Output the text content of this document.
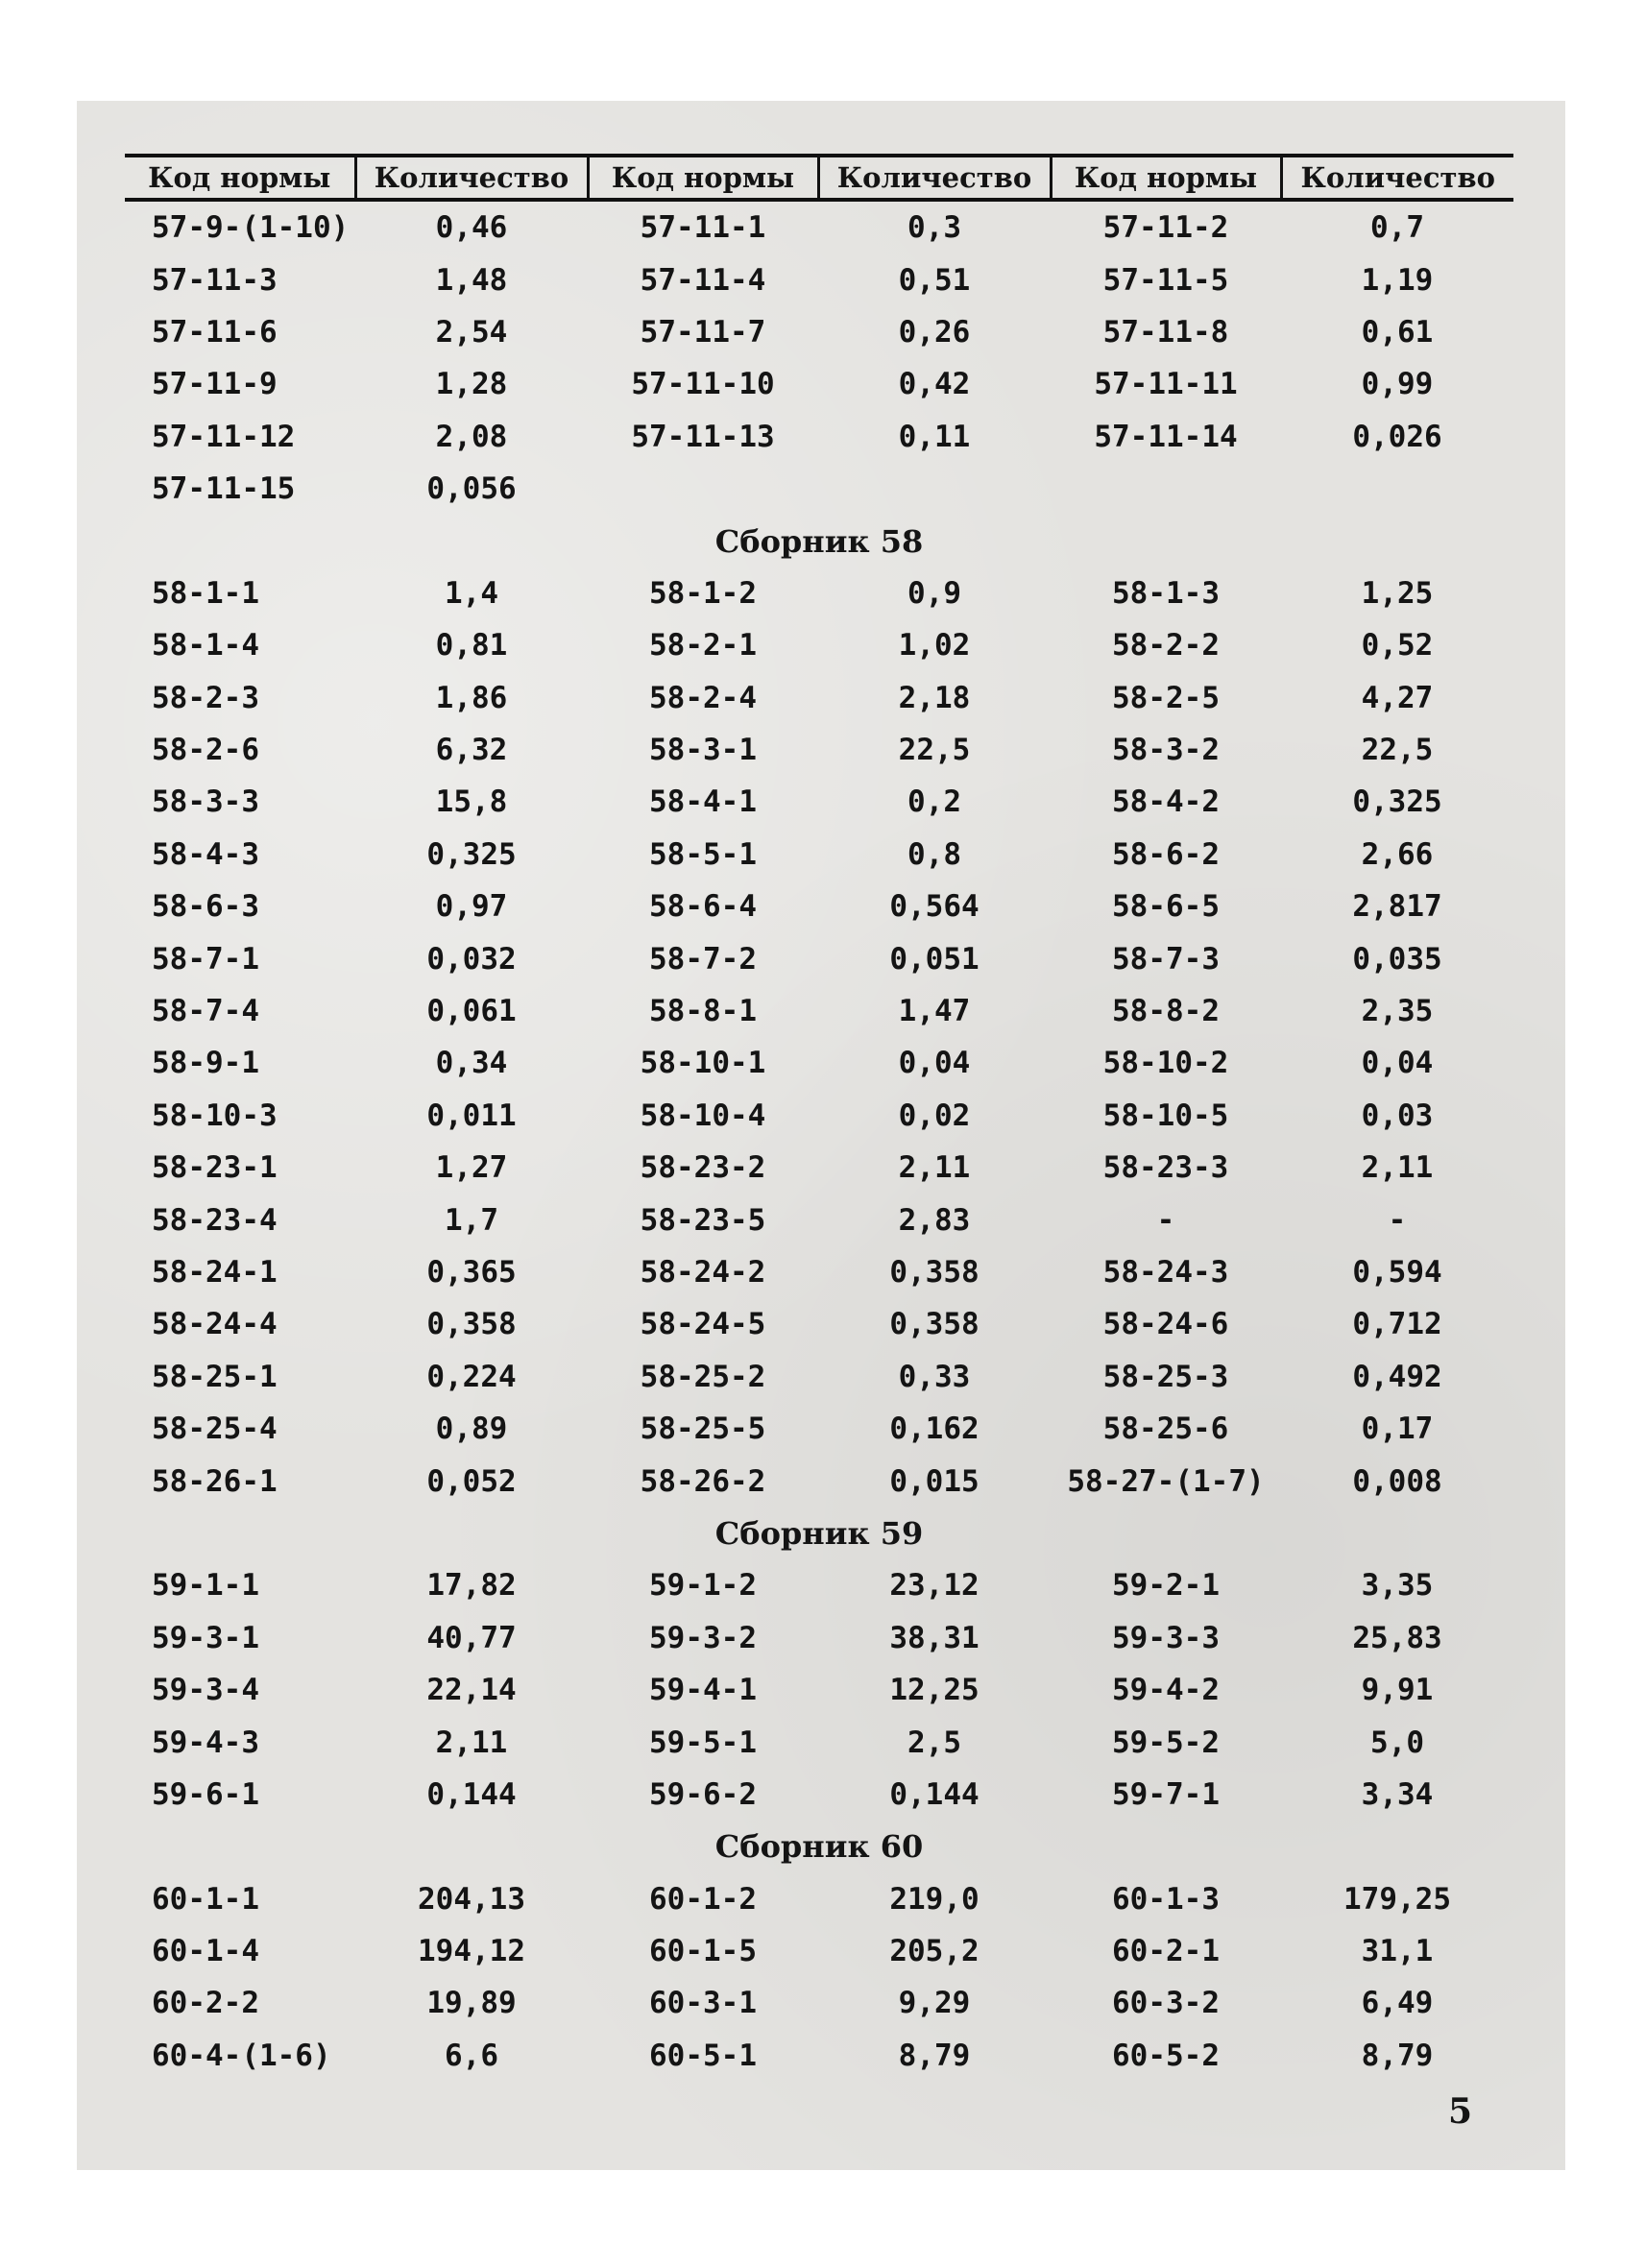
Код нормы	Количество	Код нормы	Количество	Код нормы	Количество
57-9-(1-10)	0,46	57-11-1	0,3	57-11-2	0,7
57-11-3	1,48	57-11-4	0,51	57-11-5	1,19
57-11-6	2,54	57-11-7	0,26	57-11-8	0,61
57-11-9	1,28	57-11-10	0,42	57-11-11	0,99
57-11-12	2,08	57-11-13	0,11	57-11-14	0,026
57-11-15	0,056				
Сборник 58					
58-1-1	1,4	58-1-2	0,9	58-1-3	1,25
58-1-4	0,81	58-2-1	1,02	58-2-2	0,52
58-2-3	1,86	58-2-4	2,18	58-2-5	4,27
58-2-6	6,32	58-3-1	22,5	58-3-2	22,5
58-3-3	15,8	58-4-1	0,2	58-4-2	0,325
58-4-3	0,325	58-5-1	0,8	58-6-2	2,66
58-6-3	0,97	58-6-4	0,564	58-6-5	2,817
58-7-1	0,032	58-7-2	0,051	58-7-3	0,035
58-7-4	0,061	58-8-1	1,47	58-8-2	2,35
58-9-1	0,34	58-10-1	0,04	58-10-2	0,04
58-10-3	0,011	58-10-4	0,02	58-10-5	0,03
58-23-1	1,27	58-23-2	2,11	58-23-3	2,11
58-23-4	1,7	58-23-5	2,83	-	-
58-24-1	0,365	58-24-2	0,358	58-24-3	0,594
58-24-4	0,358	58-24-5	0,358	58-24-6	0,712
58-25-1	0,224	58-25-2	0,33	58-25-3	0,492
58-25-4	0,89	58-25-5	0,162	58-25-6	0,17
58-26-1	0,052	58-26-2	0,015	58-27-(1-7)	0,008
Сборник 59					
59-1-1	17,82	59-1-2	23,12	59-2-1	3,35
59-3-1	40,77	59-3-2	38,31	59-3-3	25,83
59-3-4	22,14	59-4-1	12,25	59-4-2	9,91
59-4-3	2,11	59-5-1	2,5	59-5-2	5,0
59-6-1	0,144	59-6-2	0,144	59-7-1	3,34
Сборник 60					
60-1-1	204,13	60-1-2	219,0	60-1-3	179,25
60-1-4	194,12	60-1-5	205,2	60-2-1	31,1
60-2-2	19,89	60-3-1	9,29	60-3-2	6,49
60-4-(1-6)	6,6	60-5-1	8,79	60-5-2	8,79
5
